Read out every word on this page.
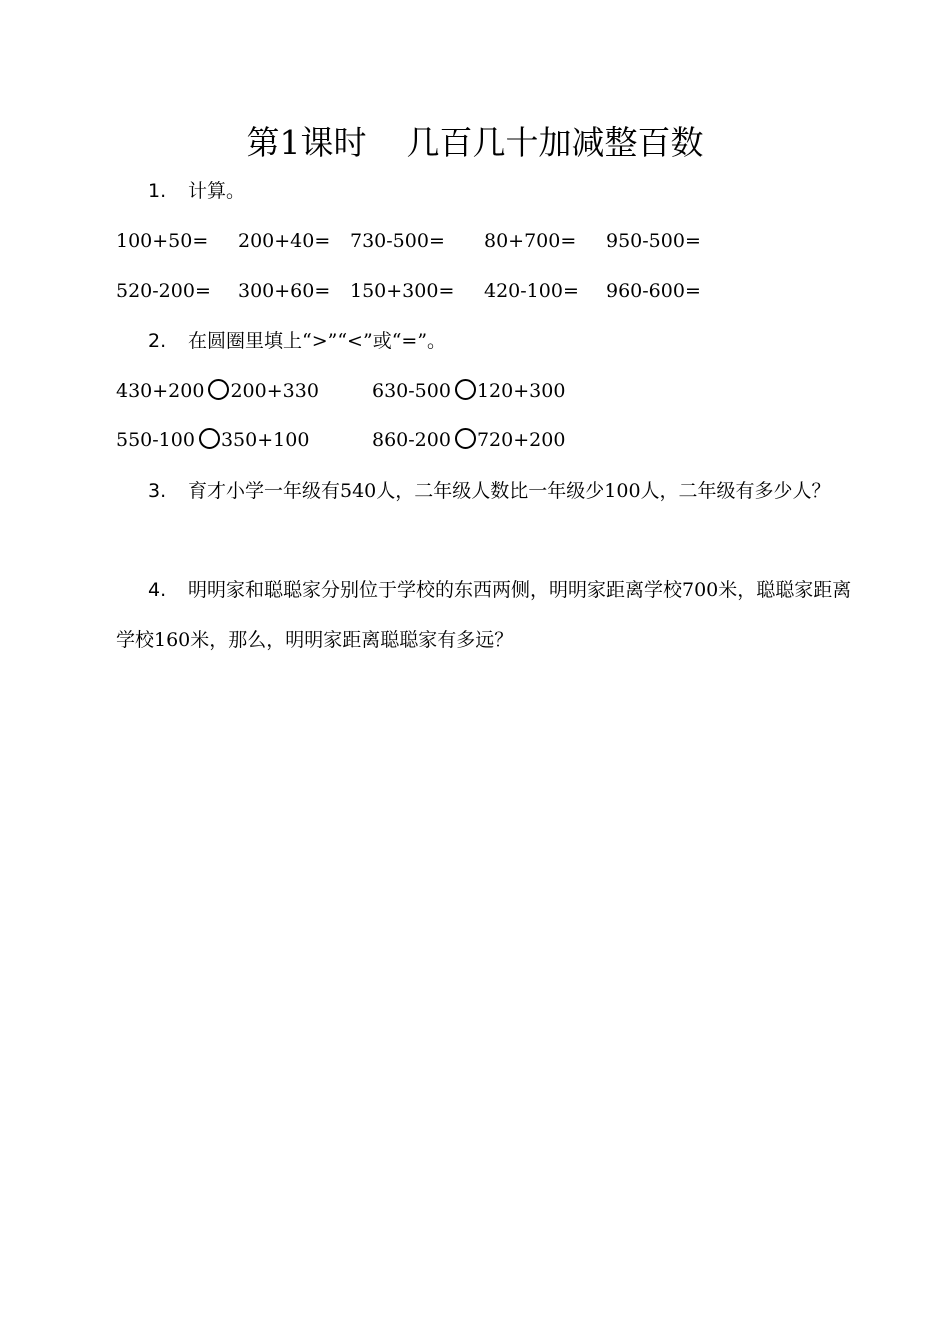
第1课时 几百几十加减整百数
1. 计算。
100+50= 200+40= 730-500= 80+700= 950-500=
520-200= 300+60= 150+300= 420-100= 960-600=
2. 在圆圈里填上“>”“<”或“=”。
430+200 200+330	630-500 120+300
550-100 350+100	860-200 720+200
3. 育才小学一年级有540人，二年级人数比一年级少100人，二年级有多少人？
4. 明明家和聪聪家分别位于学校的东西两侧，明明家距离学校700米，聪聪家距离学校160米，那么，明明家距离聪聪家有多远？
